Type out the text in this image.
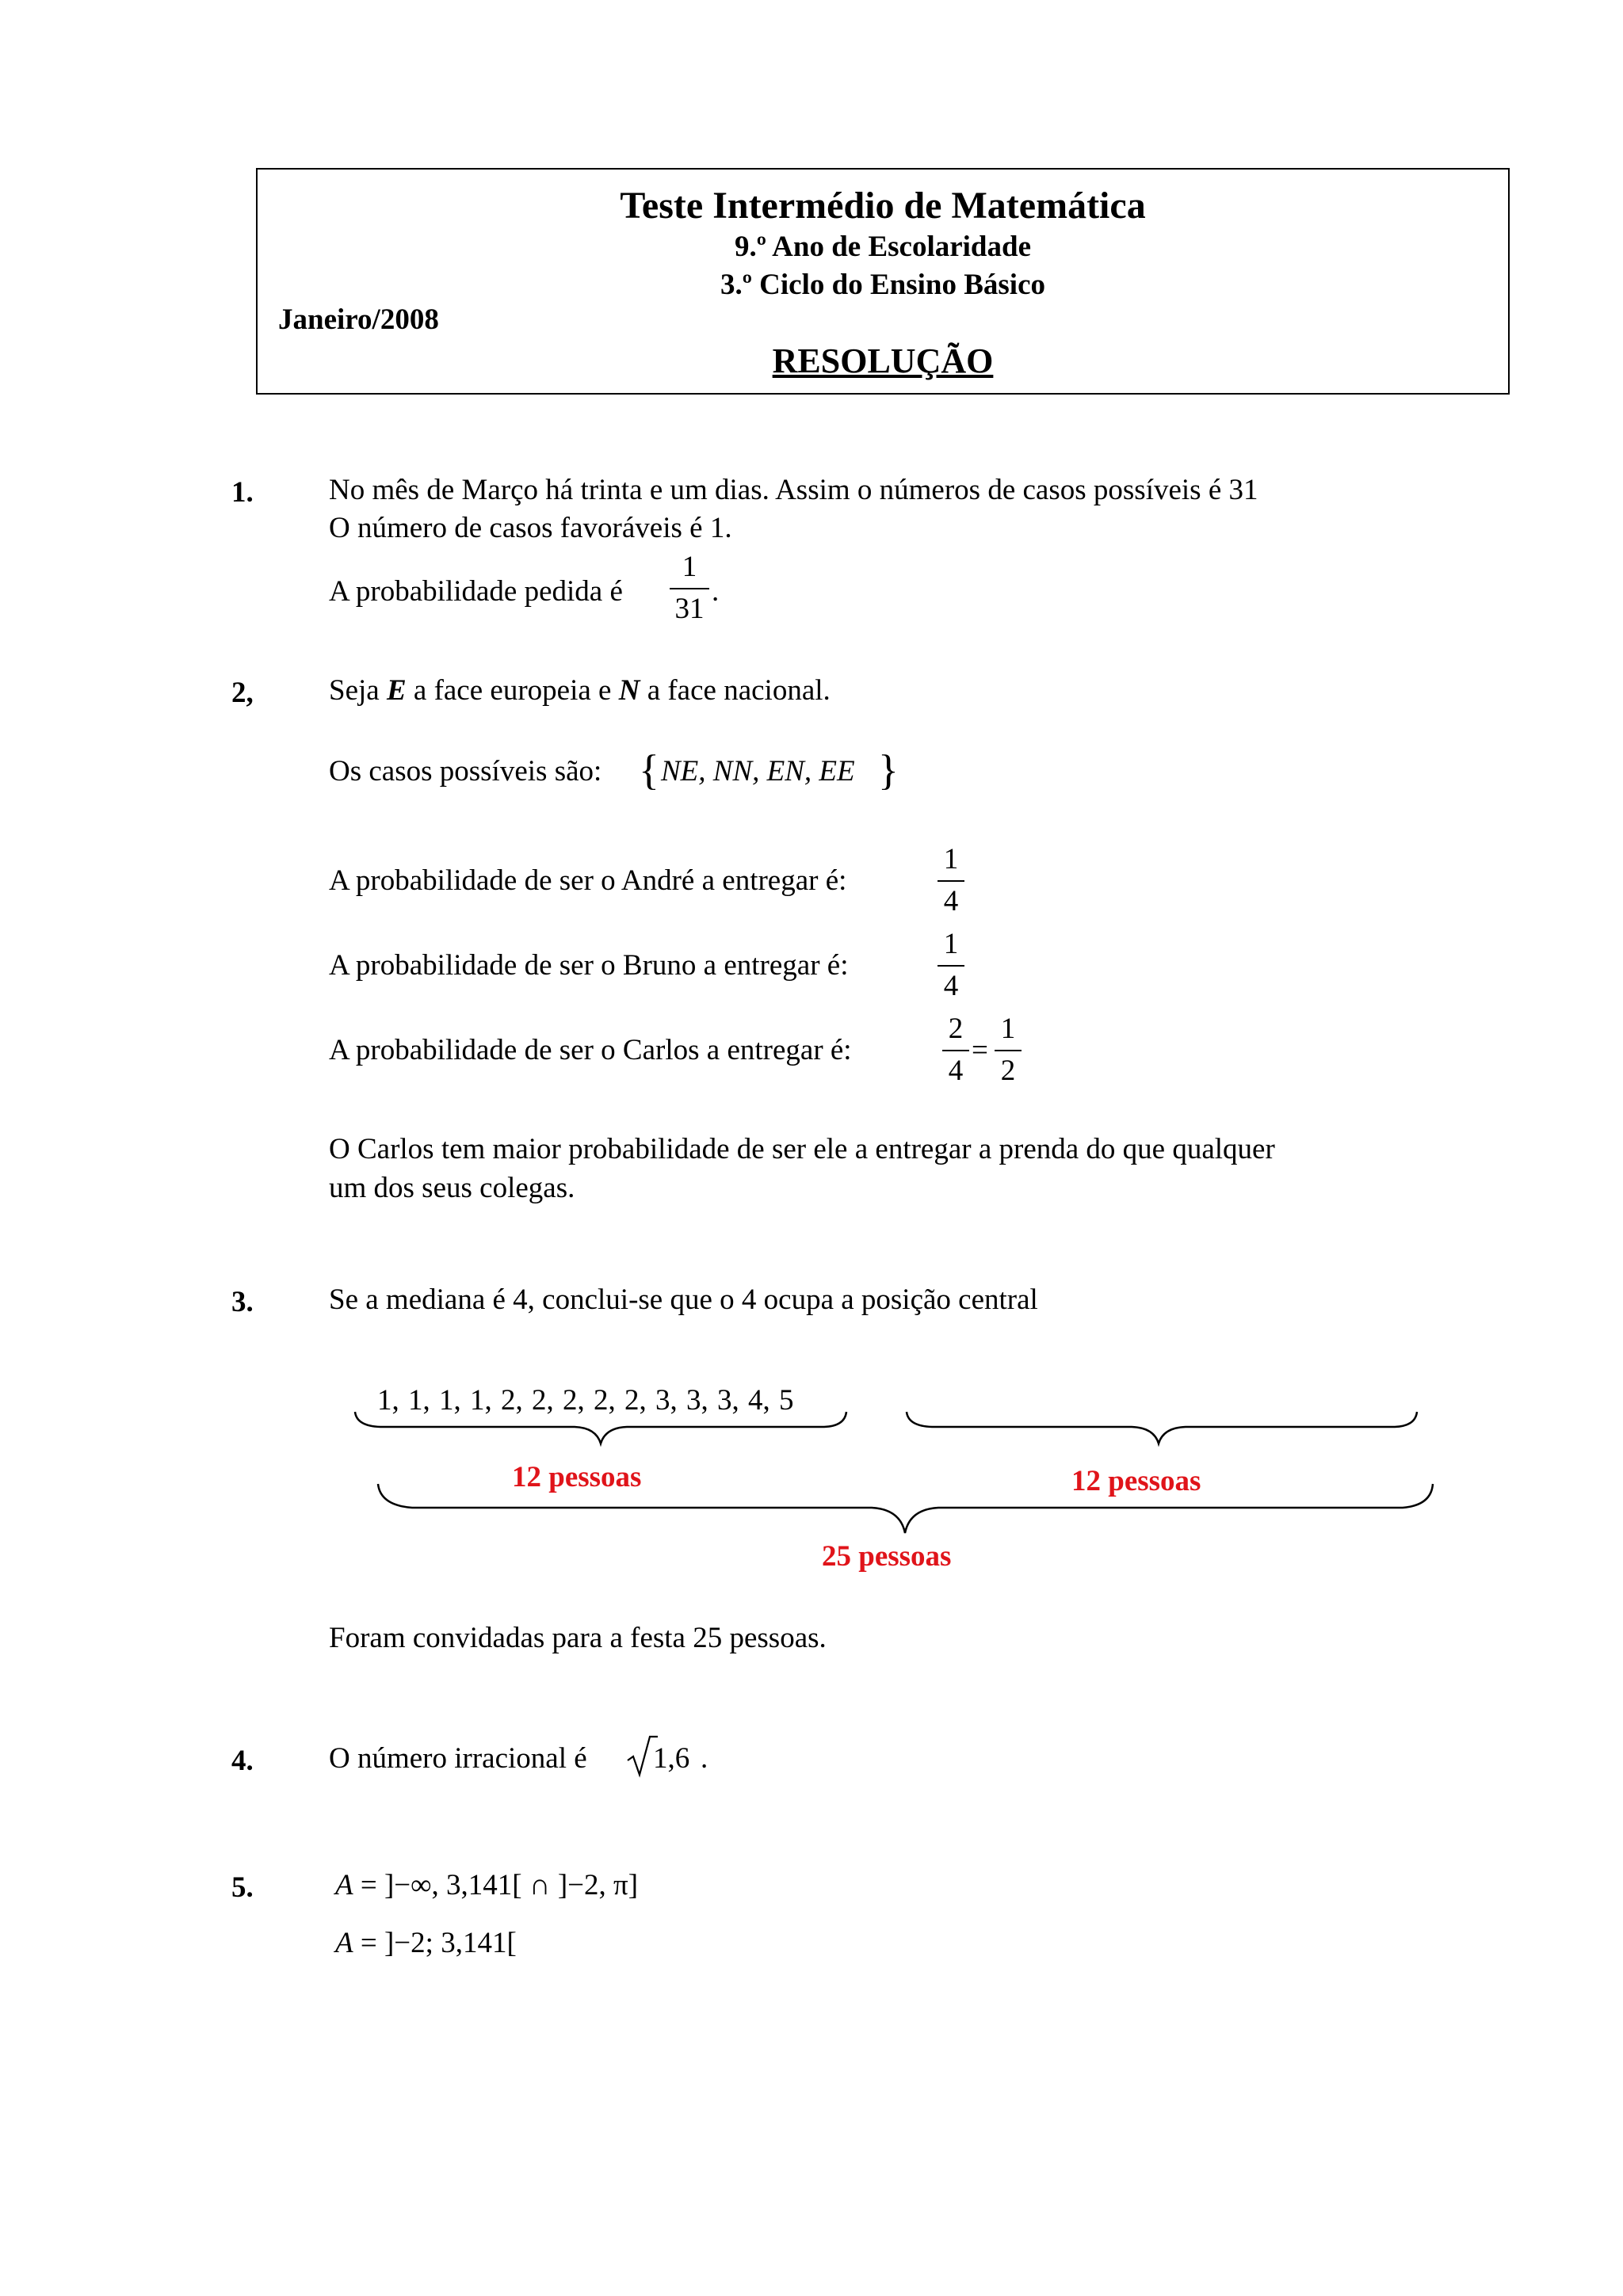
Teste Intermédio de Matemática
9.º Ano de Escolaridade
3.º Ciclo do Ensino Básico
Janeiro/2008
RESOLUÇÃO
1.	No mês de Março há trinta e um dias. Assim o números de casos possíveis é 31
O número de casos favoráveis é 1.
A probabilidade pedida é
1
31
.
2,	Seja E a face europeia e N a face nacional.
Os casos possíveis são: { NE, NN, EN, EE }
A probabilidade de ser o André a entregar é:
1
4
A probabilidade de ser o Bruno a entregar é:
1
4
A probabilidade de ser o Carlos a entregar é:
2
4
=
1
2
O Carlos tem maior probabilidade de ser ele a entregar a prenda do que qualquer
um dos seus colegas.
3.	Se a mediana é 4, conclui-se que o 4 ocupa a posição central
1, 1, 1, 1, 2, 2, 2, 2, 2, 3, 3, 3, 4, 5
12 pessoas	12 pessoas
25 pessoas
Foram convidadas para a festa 25 pessoas.
4.	O número irracional é 1,6 .
5.	A = ]−∞, 3,141[ ∩ ]−2, π]
A = ]−2; 3,141[
